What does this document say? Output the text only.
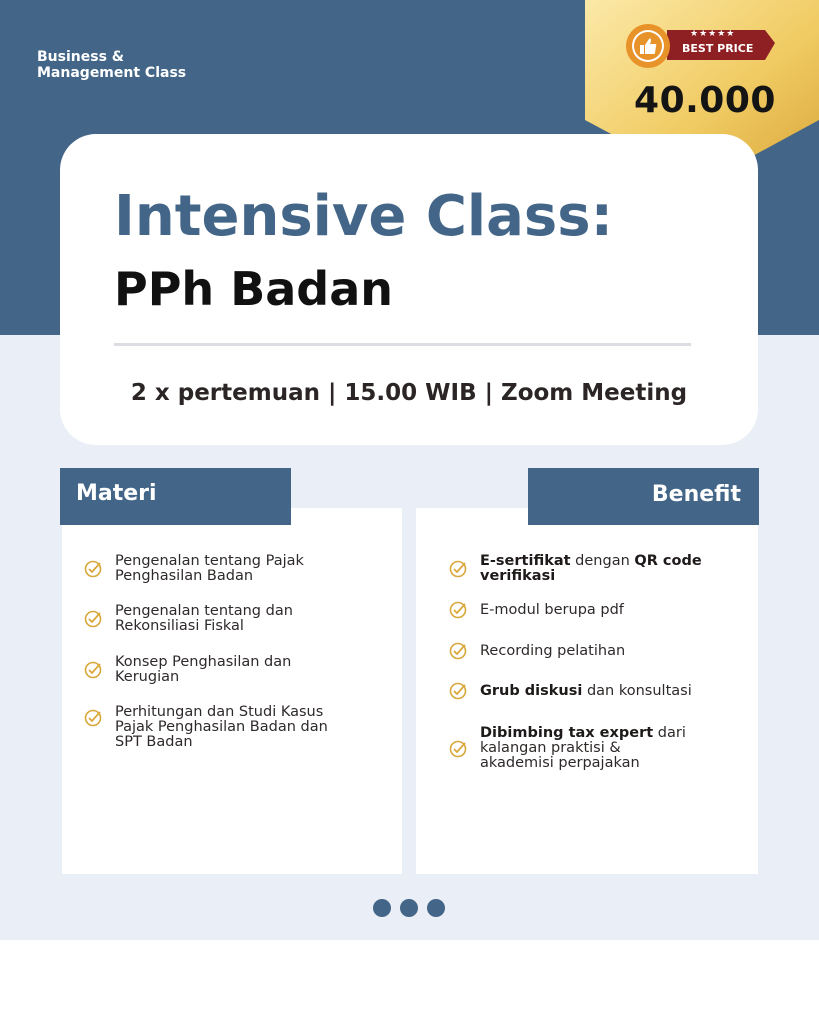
Business &
Management Class
★★★★★
BEST PRICE
40.000
Intensive Class:
PPh Badan
2 x pertemuan | 15.00 WIB | Zoom Meeting
Materi	Benefit
Pengenalan tentang Pajak
Penghasilan Badan
Pengenalan tentang dan
Rekonsiliasi Fiskal
Konsep Penghasilan dan
Kerugian
Perhitungan dan Studi Kasus
Pajak Penghasilan Badan dan
SPT Badan
E-sertifikat dengan QR code
verifikasi
E-modul berupa pdf
Recording pelatihan
Grub diskusi dan konsultasi
Dibimbing tax expert dari
kalangan praktisi &
akademisi perpajakan
